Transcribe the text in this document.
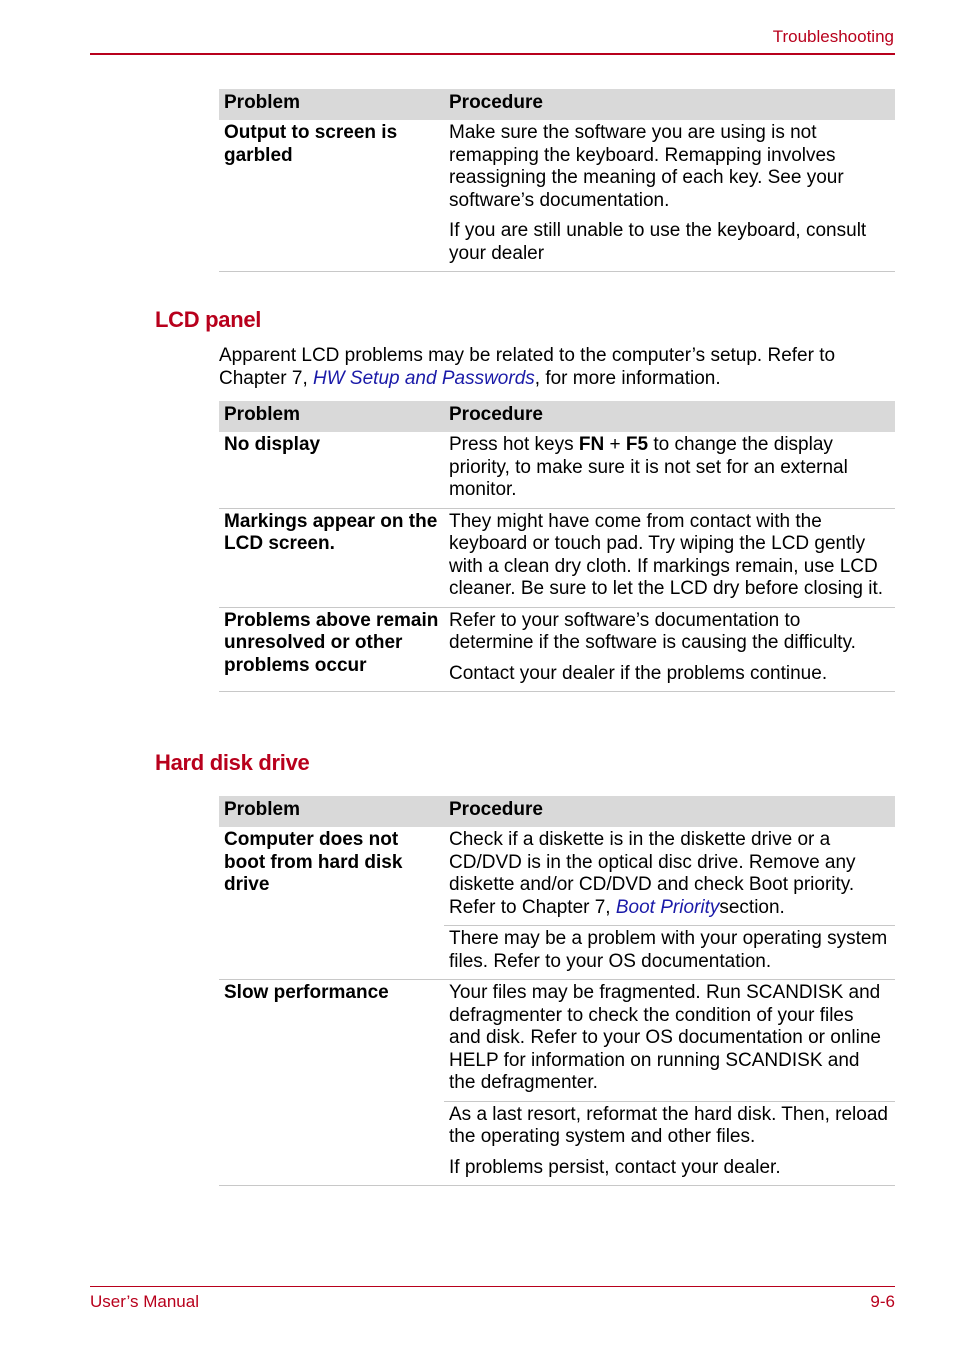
Troubleshooting
Problem	Procedure
Output to screen is garbled	Make sure the software you are using is not remapping the keyboard. Remapping involves reassigning the meaning of each key. See your software’s documentation.

If you are still unable to use the keyboard, consult your dealer

LCD panel

Apparent LCD problems may be related to the computer’s setup. Refer to Chapter 7, HW Setup and Passwords, for more information.

Problem	Procedure
No display	Press hot keys FN + F5 to change the display priority, to make sure it is not set for an external monitor.

Markings appear on the LCD screen.	They might have come from contact with the keyboard or touch pad. Try wiping the LCD gently with a clean dry cloth. If markings remain, use LCD cleaner. Be sure to let the LCD dry before closing it.

Problems above remain unresolved or other problems occur	Refer to your software’s documentation to determine if the software is causing the difficulty.

Contact your dealer if the problems continue.

Hard disk drive
Problem	Procedure
Computer does not boot from hard disk drive	Check if a diskette is in the diskette drive or a CD/DVD is in the optical disc drive. Remove any diskette and/or CD/DVD and check Boot priority. Refer to Chapter 7, Boot Prioritysection.

	There may be a problem with your operating system files. Refer to your OS documentation.

Slow performance	Your files may be fragmented. Run SCANDISK and defragmenter to check the condition of your files and disk. Refer to your OS documentation or online HELP for information on running SCANDISK and the defragmenter.

	As a last resort, reformat the hard disk. Then, reload the operating system and other files.

If problems persist, contact your dealer.

User’s Manual	9-6
